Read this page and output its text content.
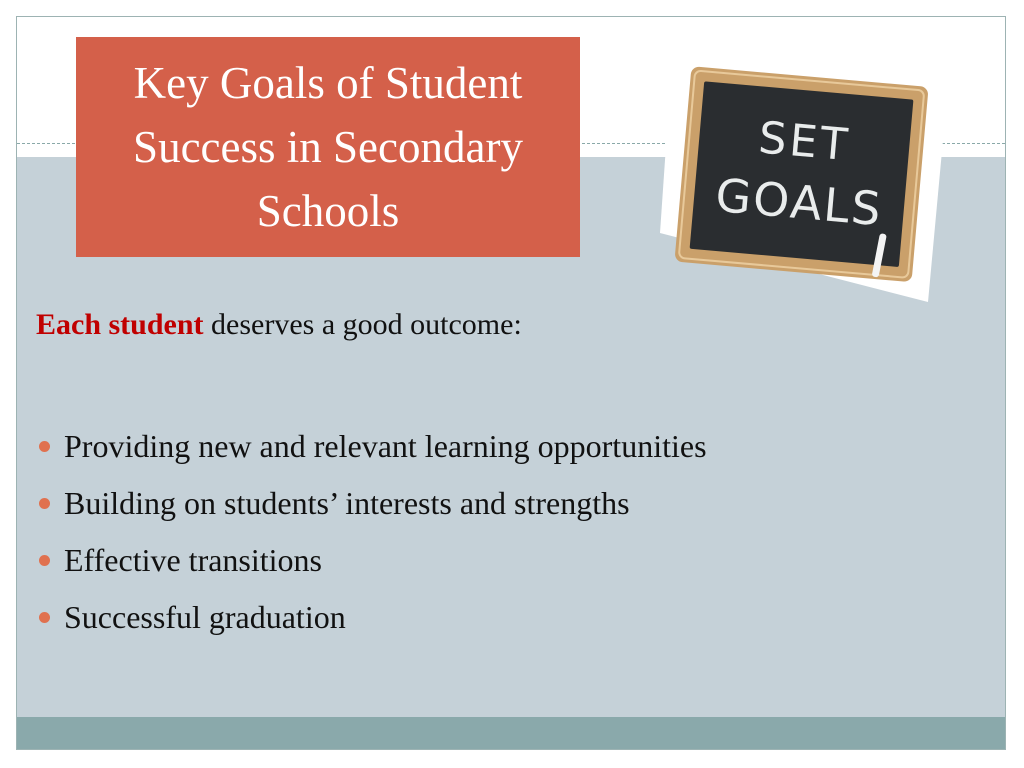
Key Goals of Student Success in Secondary Schools
SET
GOALS

Each student deserves a good outcome:

Providing new and relevant learning opportunities
Building on students’ interests and strengths
Effective transitions
Successful graduation
